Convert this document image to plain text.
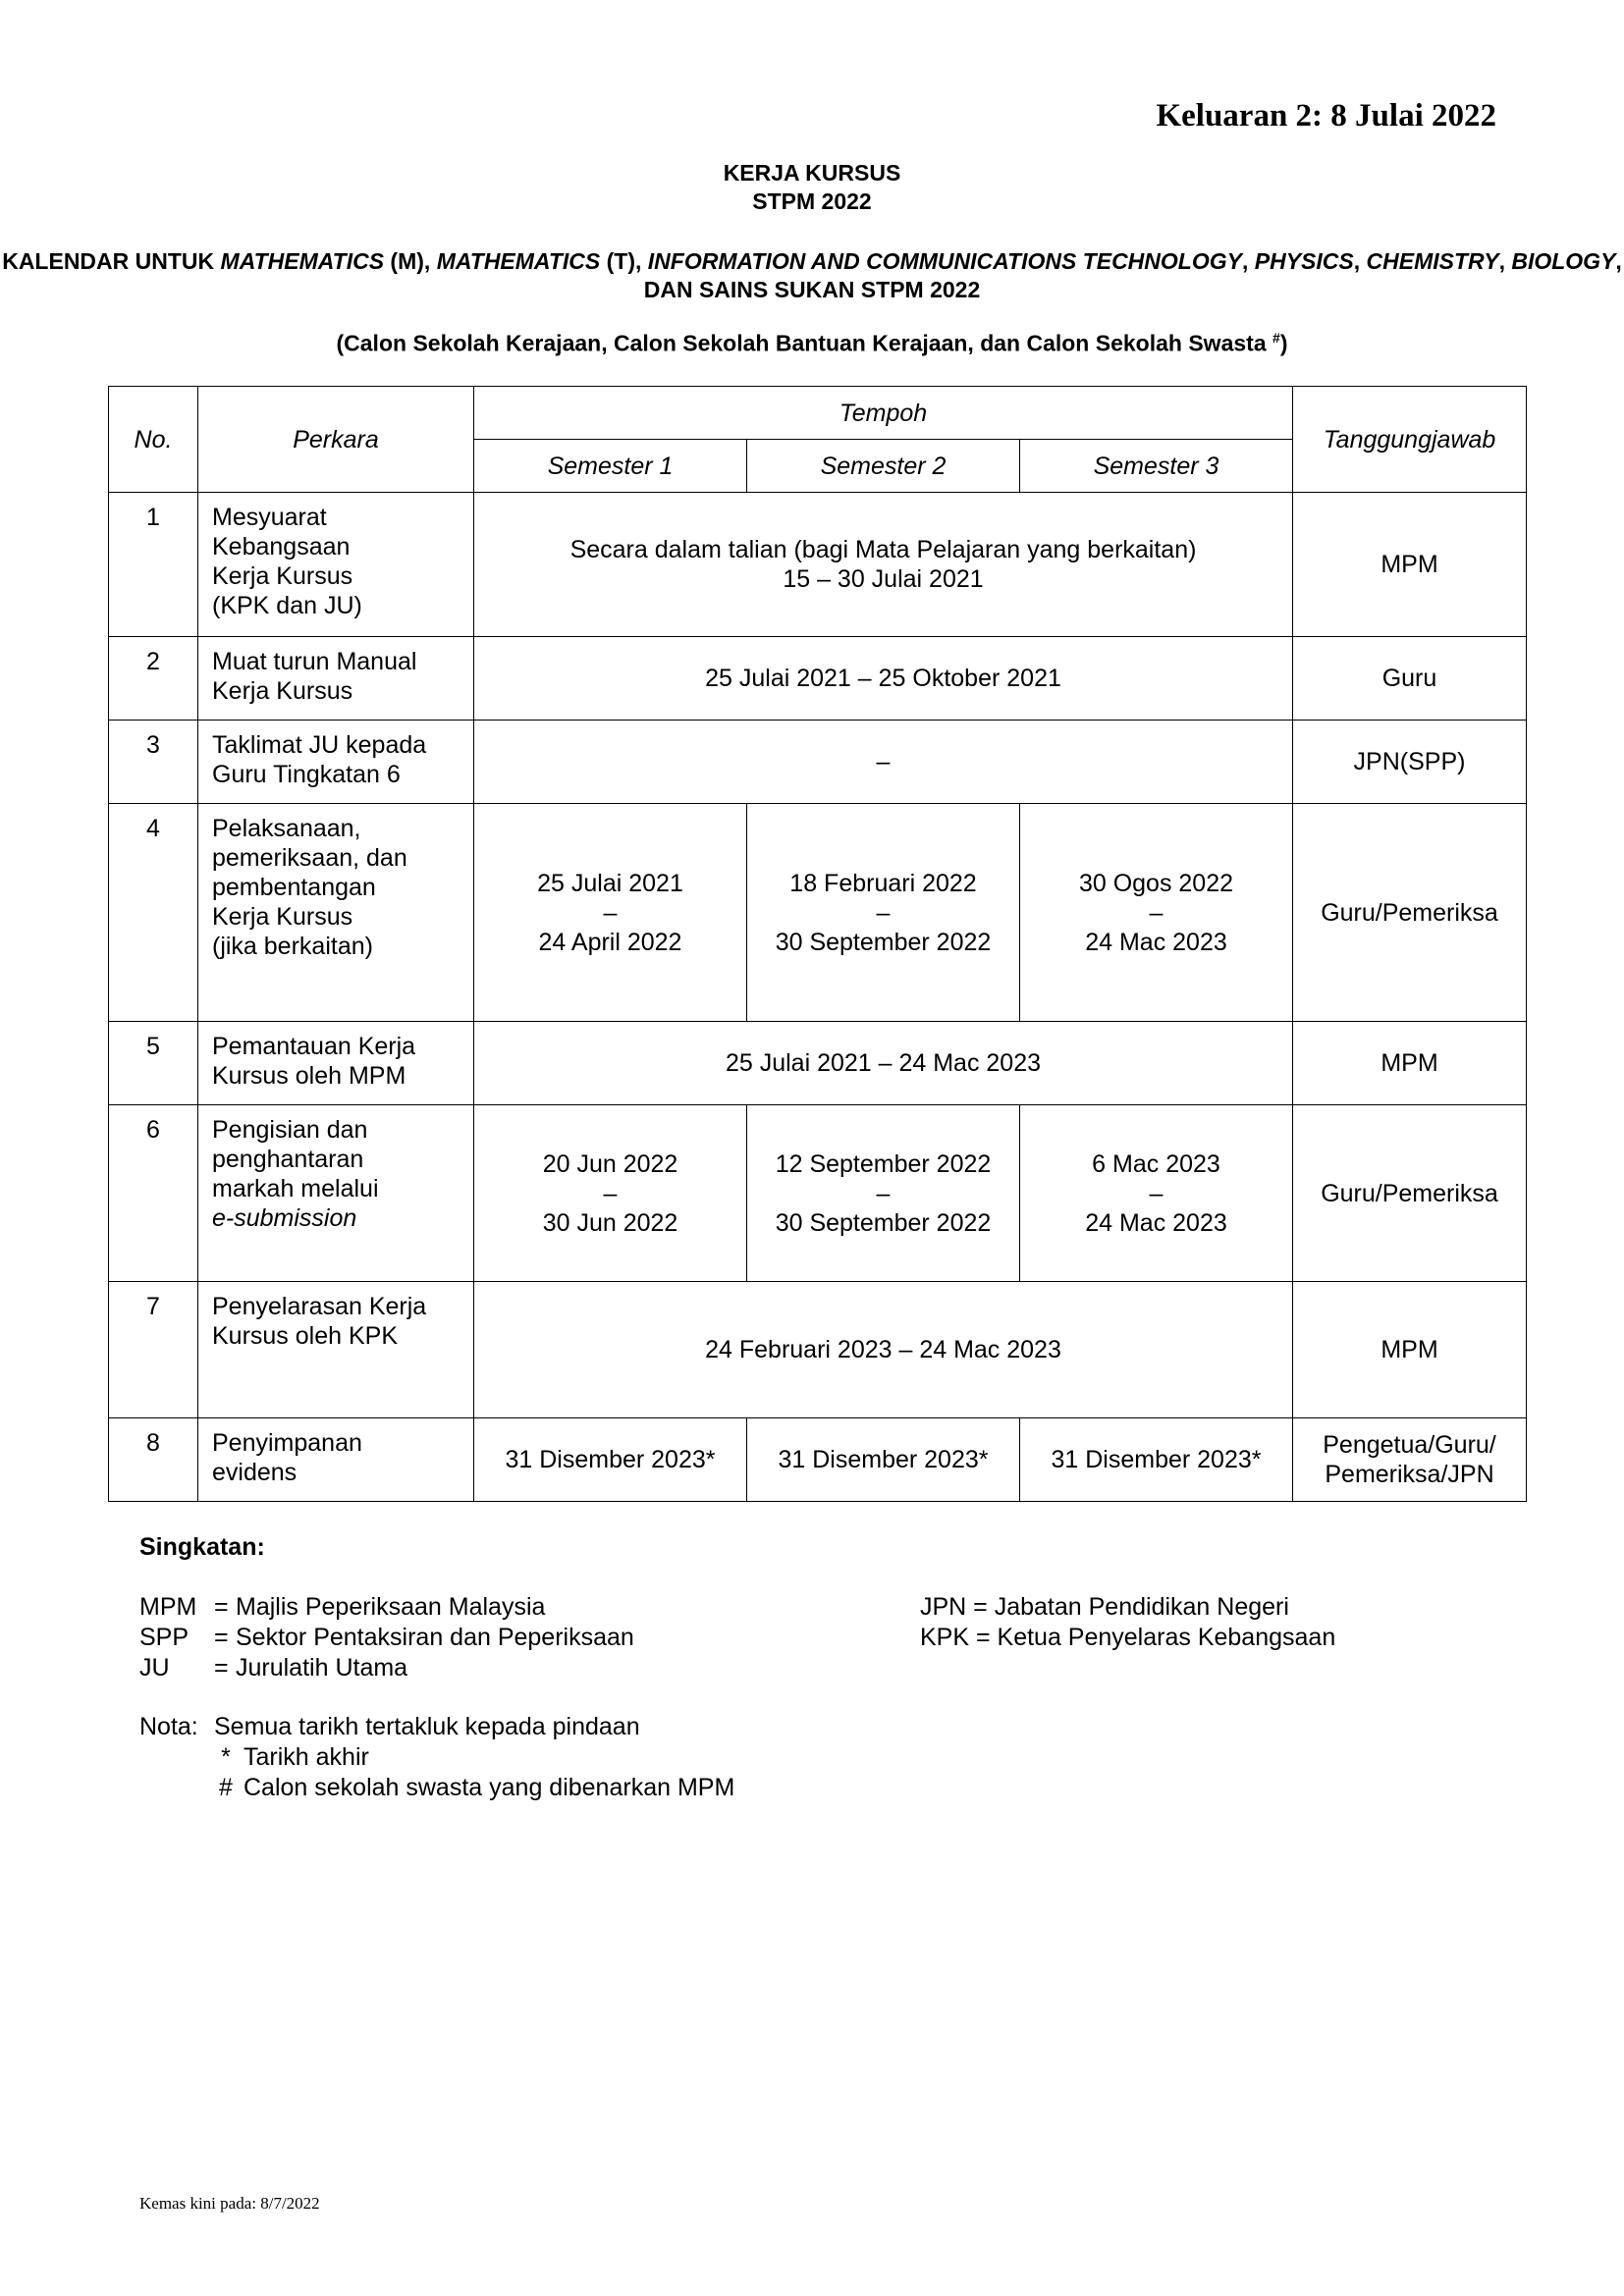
Keluaran 2: 8 Julai 2022

KERJA KURSUS
STPM 2022
KALENDAR UNTUK MATHEMATICS (M), MATHEMATICS (T), INFORMATION AND COMMUNICATIONS TECHNOLOGY, PHYSICS, CHEMISTRY, BIOLOGY, DAN SAINS SUKAN STPM 2022
(Calon Sekolah Kerajaan, Calon Sekolah Bantuan Kerajaan, dan Calon Sekolah Swasta #)
No.	Perkara	Tempoh			Tanggungjawab
		Semester 1	Semester 2	Semester 3	
1	Mesyuarat
Kebangsaan
Kerja Kursus
(KPK dan JU)	Secara dalam talian (bagi Mata Pelajaran yang berkaitan)
15 – 30 Julai 2021			MPM
2	Muat turun Manual
Kerja Kursus	25 Julai 2021 – 25 Oktober 2021			Guru
3	Taklimat JU kepada
Guru Tingkatan 6	–			JPN(SPP)
4	Pelaksanaan,
pemeriksaan, dan
pembentangan
Kerja Kursus
(jika berkaitan)	25 Julai 2021
–
24 April 2022	18 Februari 2022
–
30 September 2022	30 Ogos 2022
–
24 Mac 2023	Guru/Pemeriksa
5	Pemantauan Kerja
Kursus oleh MPM	25 Julai 2021 – 24 Mac 2023			MPM
6	Pengisian dan
penghantaran
markah melalui
e-submission	20 Jun 2022
–
30 Jun 2022	12 September 2022
–
30 September 2022	6 Mac 2023
–
24 Mac 2023	Guru/Pemeriksa
7	Penyelarasan Kerja
Kursus oleh KPK	24 Februari 2023 – 24 Mac 2023			MPM
8	Penyimpanan
evidens	31 Disember 2023*	31 Disember 2023*	31 Disember 2023*	Pengetua/Guru/
Pemeriksa/JPN

Singkatan:

MPM = Majlis Peperiksaan Malaysia
SPP	= Sektor Pentaksiran dan Peperiksaan
JU	= Jurulatih Utama
JPN = Jabatan Pendidikan Negeri
KPK = Ketua Penyelaras Kebangsaan
Nota: Semua tarikh tertakluk kepada pindaan
* Tarikh akhir
# Calon sekolah swasta yang dibenarkan MPM

Kemas kini pada: 8/7/2022
